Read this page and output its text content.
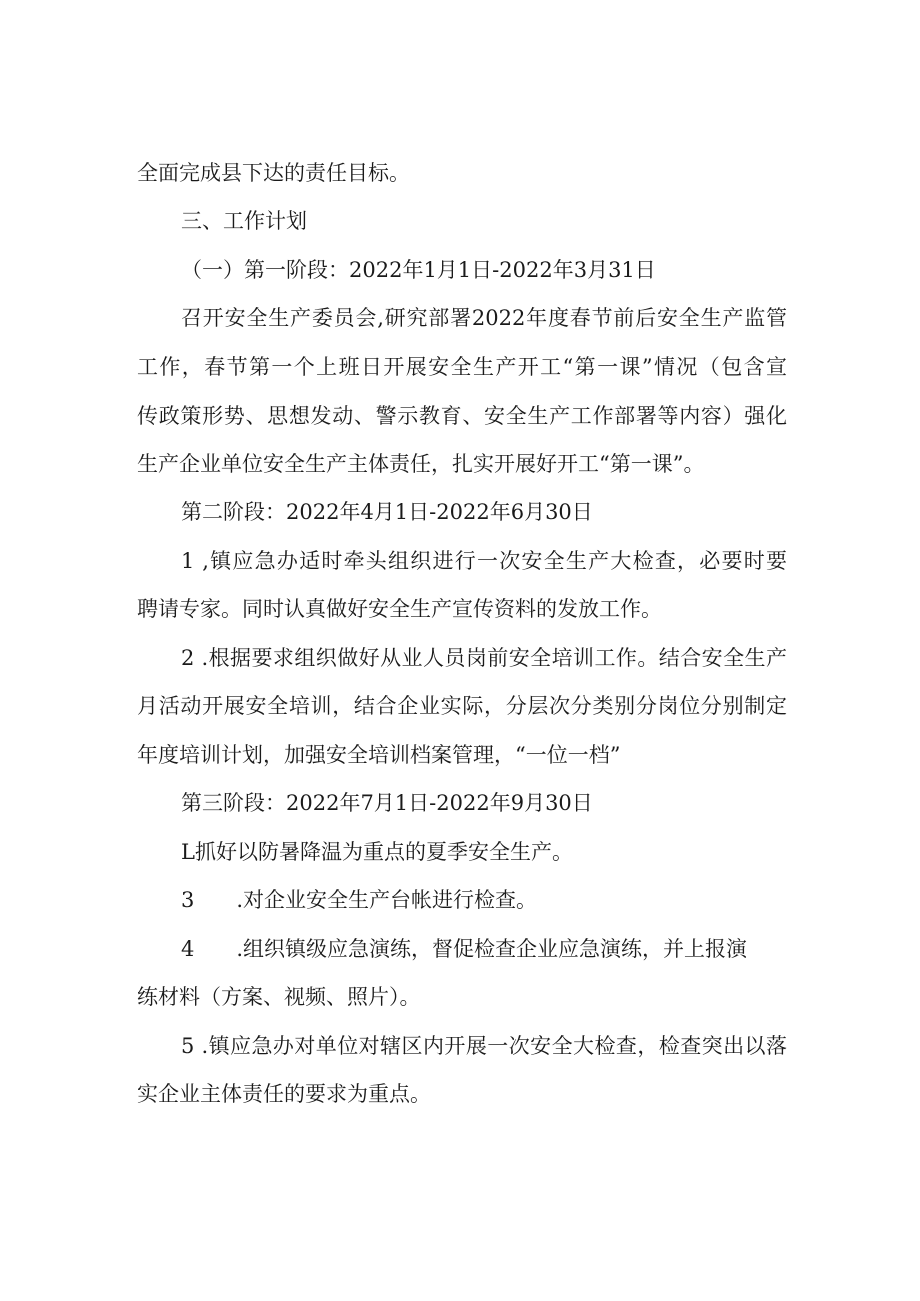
全面完成县下达的责任目标。
三、工作计划
（一）第一阶段：2022年1月1日-2022年3月31日
召开安全生产委员会,研究部署2022年度春节前后安全生产监管
工作，春节第一个上班日开展安全生产开工“第一课”情况（包含宣
传政策形势、思想发动、警示教育、安全生产工作部署等内容）强化
生产企业单位安全生产主体责任，扎实开展好开工“第一课”。
第二阶段：2022年4月1日-2022年6月30日
1 ,镇应急办适时牵头组织进行一次安全生产大检查，必要时要
聘请专家。同时认真做好安全生产宣传资料的发放工作。
2 .根据要求组织做好从业人员岗前安全培训工作。结合安全生产
月活动开展安全培训，结合企业实际，分层次分类别分岗位分别制定
年度培训计划，加强安全培训档案管理，“一位一档”
第三阶段：2022年7月1日-2022年9月30日
L抓好以防暑降温为重点的夏季安全生产。
3　　.对企业安全生产台帐进行检查。
4　　.组织镇级应急演练，督促检查企业应急演练，并上报演
练材料（方案、视频、照片）。
5 .镇应急办对单位对辖区内开展一次安全大检查，检查突出以落
实企业主体责任的要求为重点。
